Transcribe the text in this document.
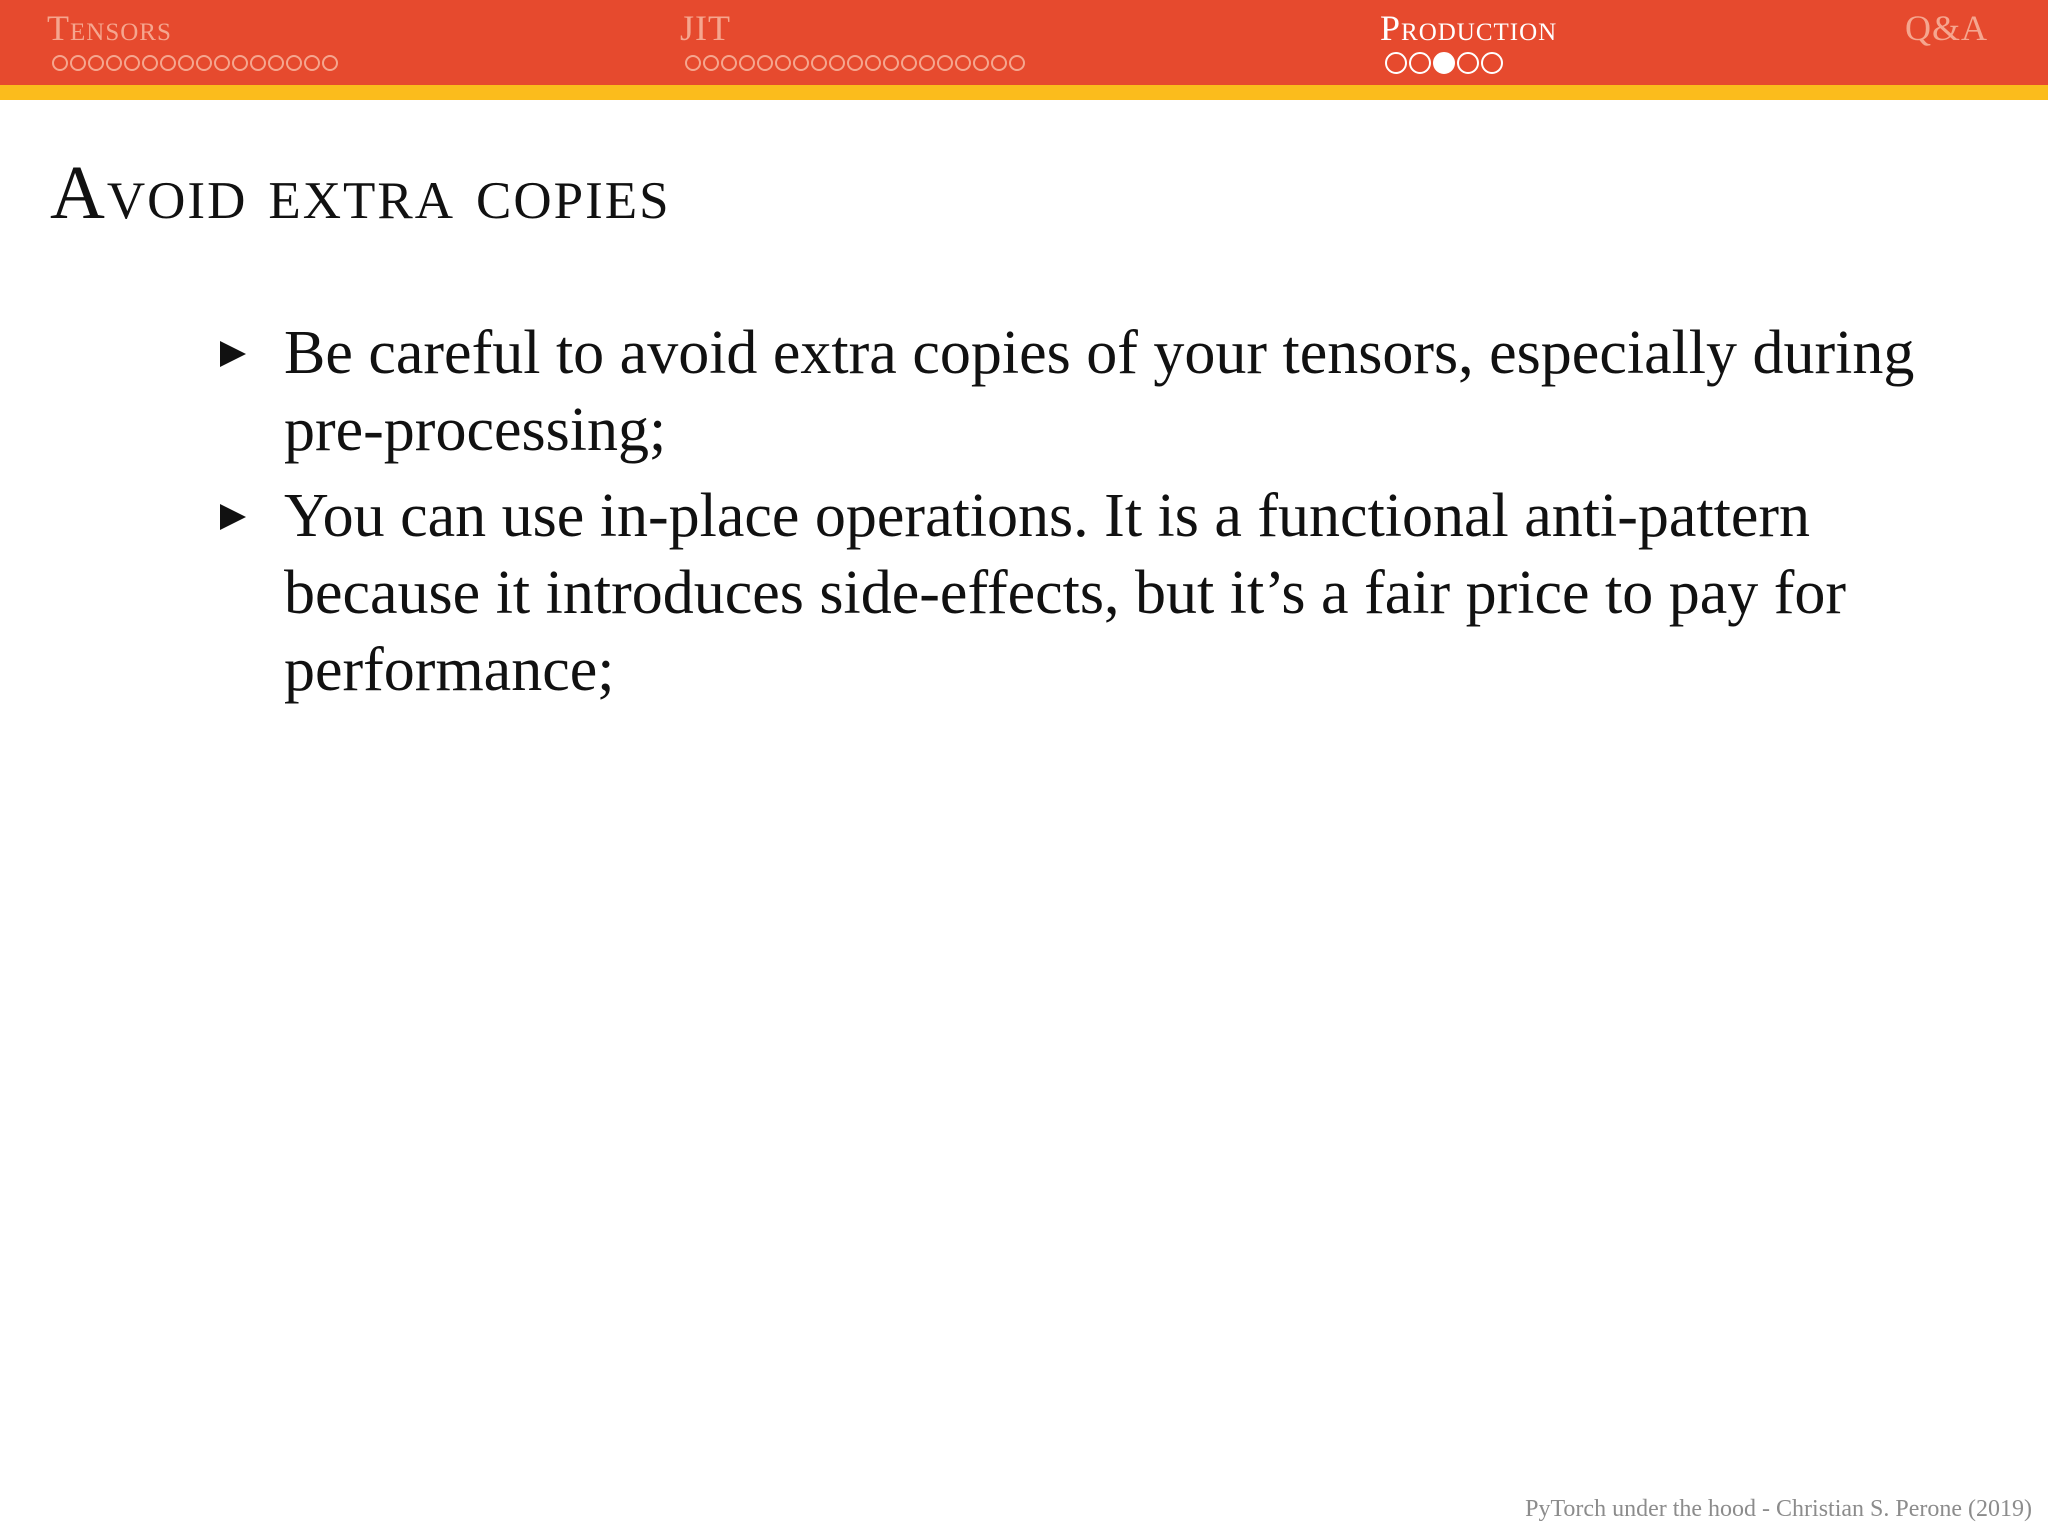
Tensors	JIT	Production	Q&A
Avoid extra copies
Be careful to avoid extra copies of your tensors, especially during pre-processing;
You can use in-place operations. It is a functional anti-pattern because it introduces side-effects, but it’s a fair price to pay for performance;
PyTorch under the hood - Christian S. Perone (2019)
